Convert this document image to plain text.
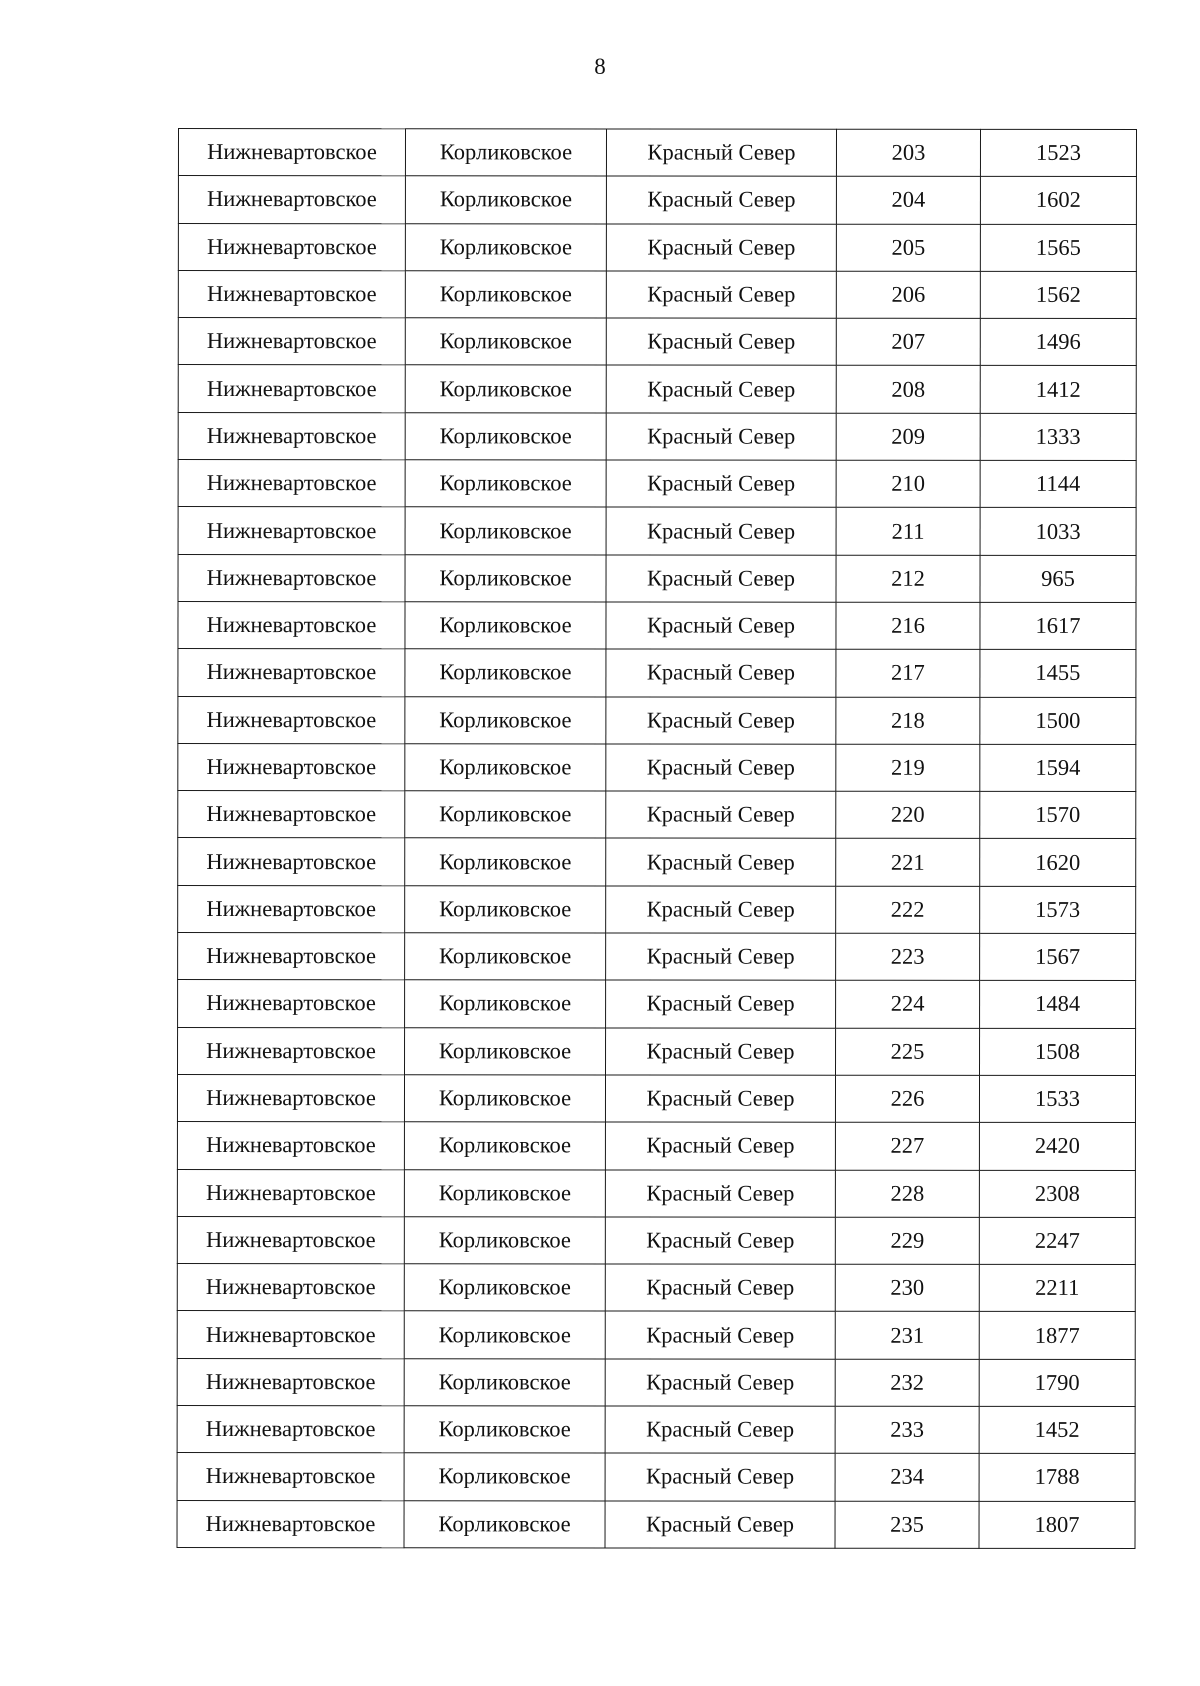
8
Нижневартовское	Корликовское	Красный Север	203	1523
Нижневартовское	Корликовское	Красный Север	204	1602
Нижневартовское	Корликовское	Красный Север	205	1565
Нижневартовское	Корликовское	Красный Север	206	1562
Нижневартовское	Корликовское	Красный Север	207	1496
Нижневартовское	Корликовское	Красный Север	208	1412
Нижневартовское	Корликовское	Красный Север	209	1333
Нижневартовское	Корликовское	Красный Север	210	1144
Нижневартовское	Корликовское	Красный Север	211	1033
Нижневартовское	Корликовское	Красный Север	212	965
Нижневартовское	Корликовское	Красный Север	216	1617
Нижневартовское	Корликовское	Красный Север	217	1455
Нижневартовское	Корликовское	Красный Север	218	1500
Нижневартовское	Корликовское	Красный Север	219	1594
Нижневартовское	Корликовское	Красный Север	220	1570
Нижневартовское	Корликовское	Красный Север	221	1620
Нижневартовское	Корликовское	Красный Север	222	1573
Нижневартовское	Корликовское	Красный Север	223	1567
Нижневартовское	Корликовское	Красный Север	224	1484
Нижневартовское	Корликовское	Красный Север	225	1508
Нижневартовское	Корликовское	Красный Север	226	1533
Нижневартовское	Корликовское	Красный Север	227	2420
Нижневартовское	Корликовское	Красный Север	228	2308
Нижневартовское	Корликовское	Красный Север	229	2247
Нижневартовское	Корликовское	Красный Север	230	2211
Нижневартовское	Корликовское	Красный Север	231	1877
Нижневартовское	Корликовское	Красный Север	232	1790
Нижневартовское	Корликовское	Красный Север	233	1452
Нижневартовское	Корликовское	Красный Север	234	1788
Нижневартовское	Корликовское	Красный Север	235	1807
